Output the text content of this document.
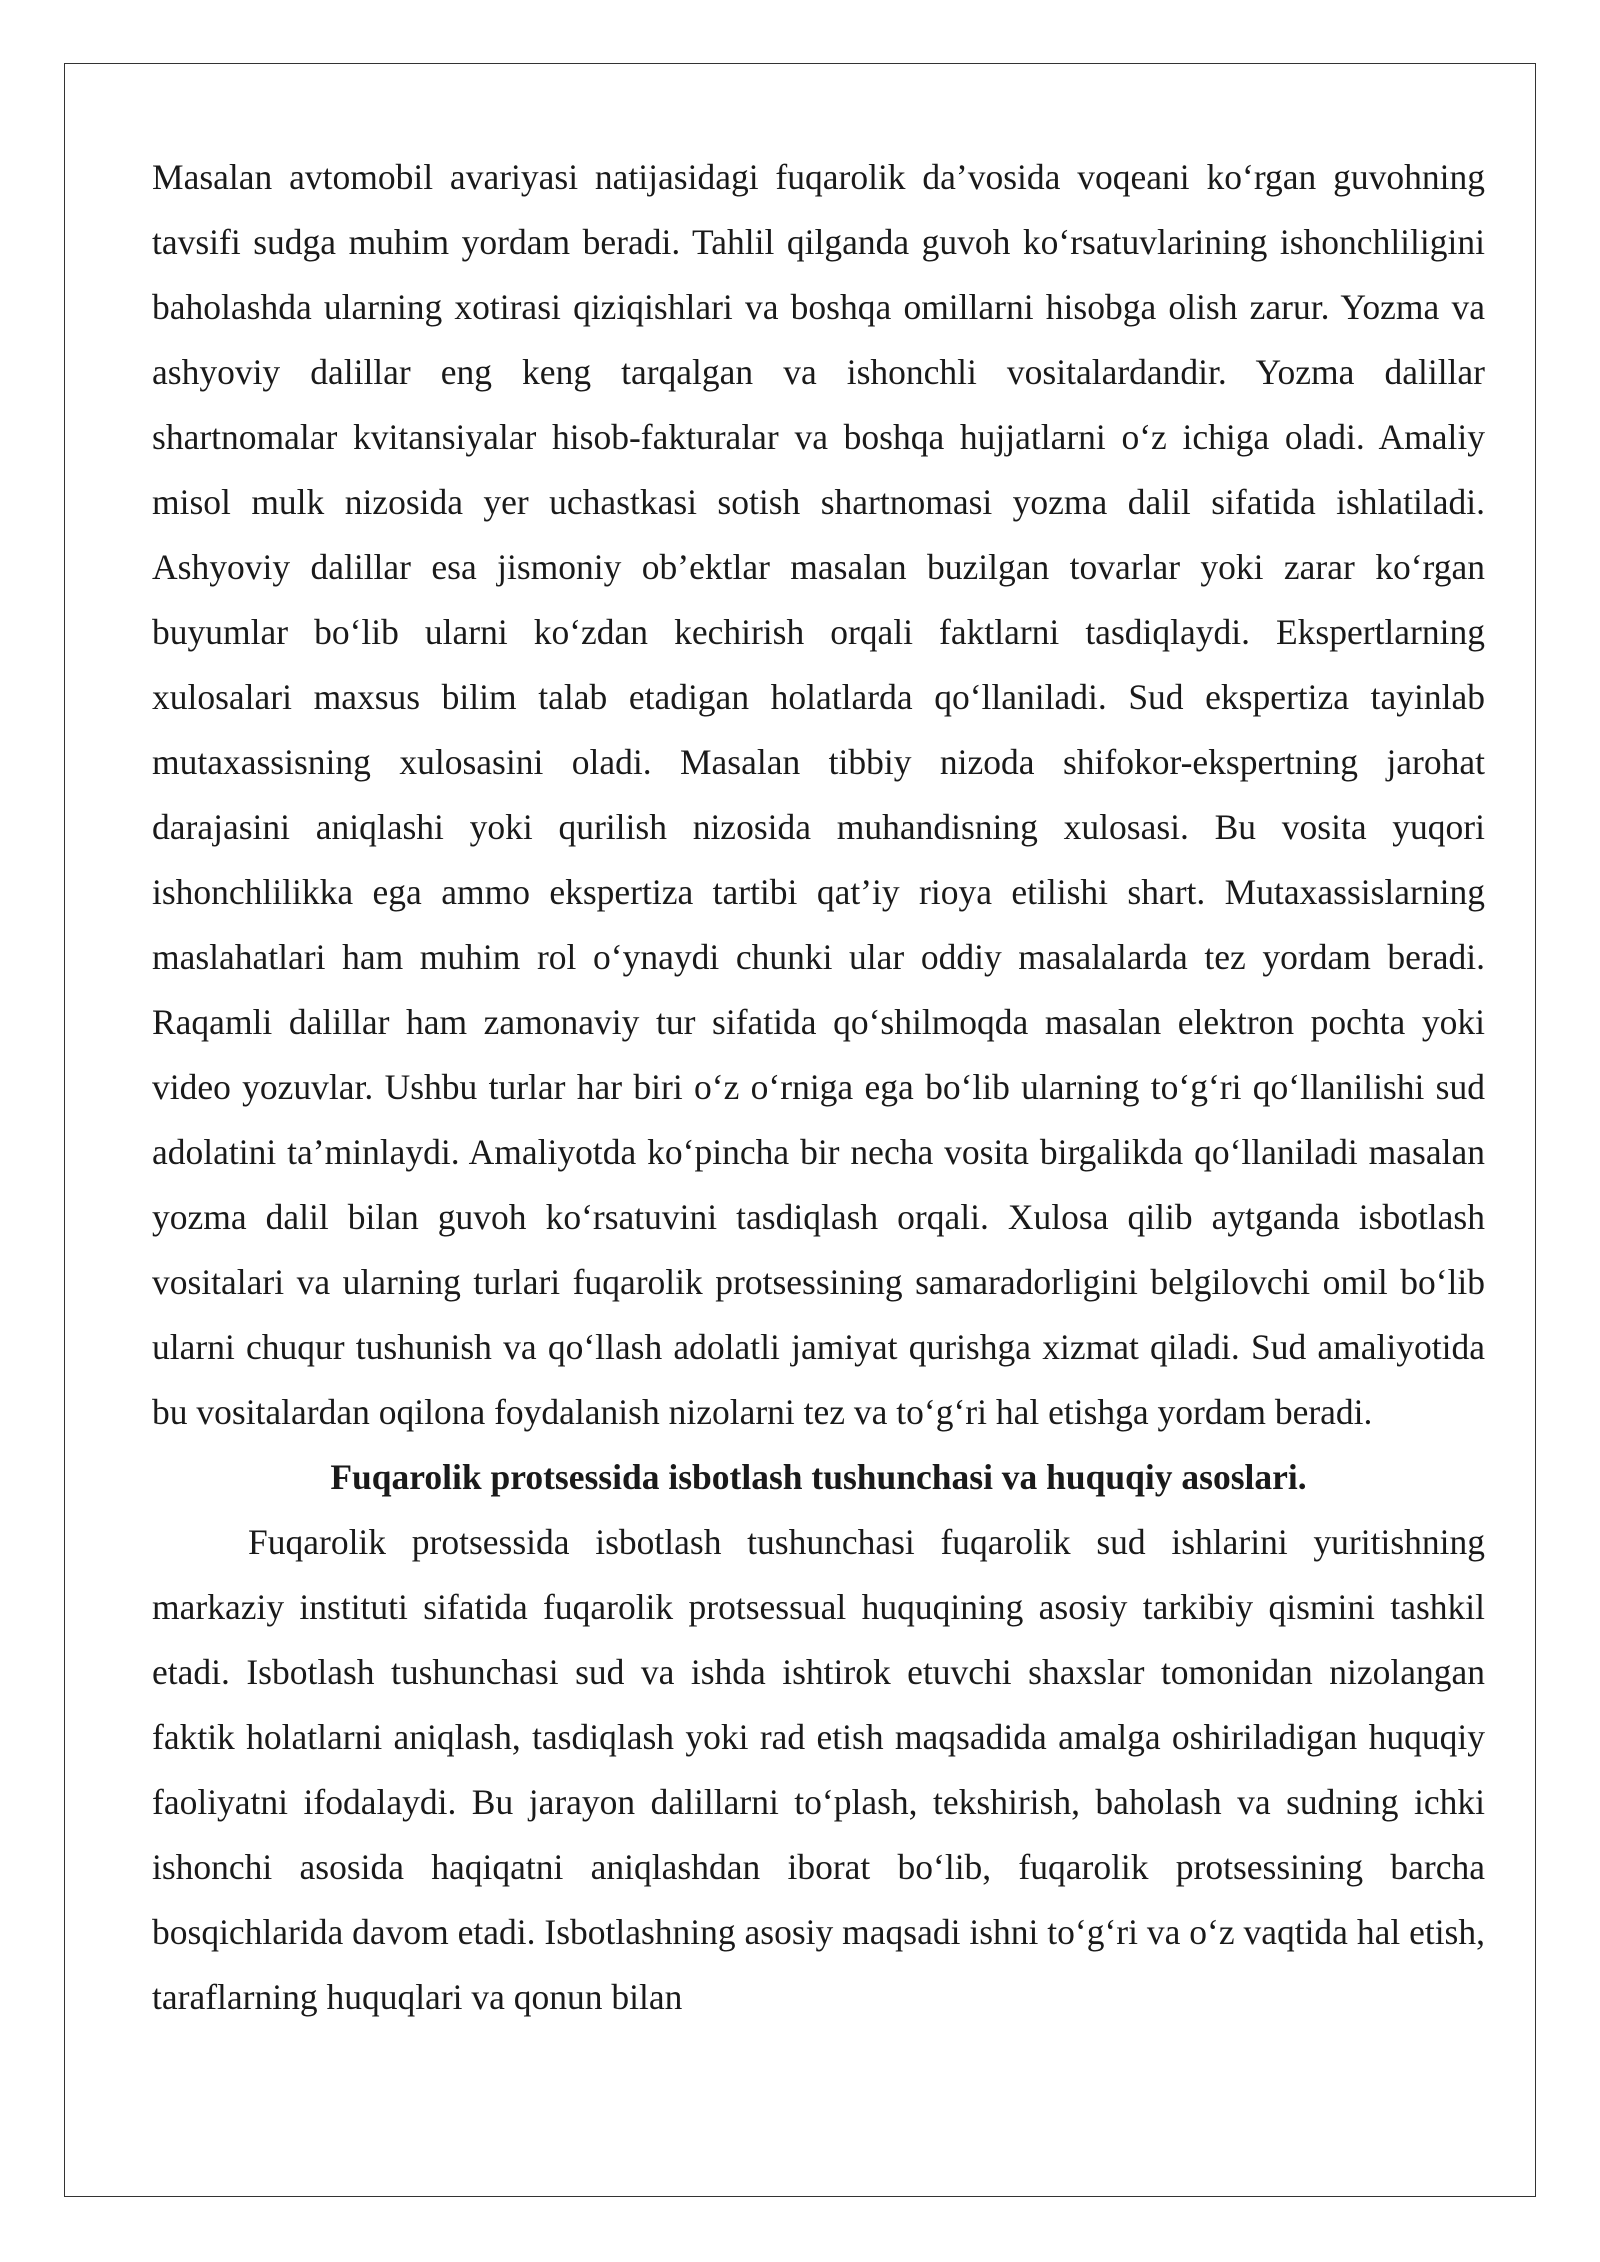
Masalan avtomobil avariyasi natijasidagi fuqarolik da’vosida voqeani ko‘rgan guvohning tavsifi sudga muhim yordam beradi. Tahlil qilganda guvoh ko‘rsatuvlarining ishonchliligini baholashda ularning xotirasi qiziqishlari va boshqa omillarni hisobga olish zarur. Yozma va ashyoviy dalillar eng keng tarqalgan va ishonchli vositalardandir. Yozma dalillar shartnomalar kvitansiyalar hisob-fakturalar va boshqa hujjatlarni o‘z ichiga oladi. Amaliy misol mulk nizosida yer uchastkasi sotish shartnomasi yozma dalil sifatida ishlatiladi. Ashyoviy dalillar esa jismoniy ob’ektlar masalan buzilgan tovarlar yoki zarar ko‘rgan buyumlar bo‘lib ularni ko‘zdan kechirish orqali faktlarni tasdiqlaydi. Ekspertlarning xulosalari maxsus bilim talab etadigan holatlarda qo‘llaniladi. Sud ekspertiza tayinlab mutaxassisning xulosasini oladi. Masalan tibbiy nizoda shifokor-ekspertning jarohat darajasini aniqlashi yoki qurilish nizosida muhandisning xulosasi. Bu vosita yuqori ishonchlilikka ega ammo ekspertiza tartibi qat’iy rioya etilishi shart. Mutaxassislarning maslahatlari ham muhim rol o‘ynaydi chunki ular oddiy masalalarda tez yordam beradi. Raqamli dalillar ham zamonaviy tur sifatida qo‘shilmoqda masalan elektron pochta yoki video yozuvlar. Ushbu turlar har biri o‘z o‘rniga ega bo‘lib ularning to‘g‘ri qo‘llanilishi sud adolatini ta’minlaydi. Amaliyotda ko‘pincha bir necha vosita birgalikda qo‘llaniladi masalan yozma dalil bilan guvoh ko‘rsatuvini tasdiqlash orqali. Xulosa qilib aytganda isbotlash vositalari va ularning turlari fuqarolik protsessining samaradorligini belgilovchi omil bo‘lib ularni chuqur tushunish va qo‘llash adolatli jamiyat qurishga xizmat qiladi. Sud amaliyotida bu vositalardan oqilona foydalanish nizolarni tez va to‘g‘ri hal etishga yordam beradi.

Fuqarolik protsessida isbotlash tushunchasi va huquqiy asoslari.

Fuqarolik protsessida isbotlash tushunchasi fuqarolik sud ishlarini yuritishning markaziy instituti sifatida fuqarolik protsessual huquqining asosiy tarkibiy qismini tashkil etadi. Isbotlash tushunchasi sud va ishda ishtirok etuvchi shaxslar tomonidan nizolangan faktik holatlarni aniqlash, tasdiqlash yoki rad etish maqsadida amalga oshiriladigan huquqiy faoliyatni ifodalaydi. Bu jarayon dalillarni to‘plash, tekshirish, baholash va sudning ichki ishonchi asosida haqiqatni aniqlashdan iborat bo‘lib, fuqarolik protsessining barcha bosqichlarida davom etadi. Isbotlashning asosiy maqsadi ishni to‘g‘ri va o‘z vaqtida hal etish, taraflarning huquqlari va qonun bilan
